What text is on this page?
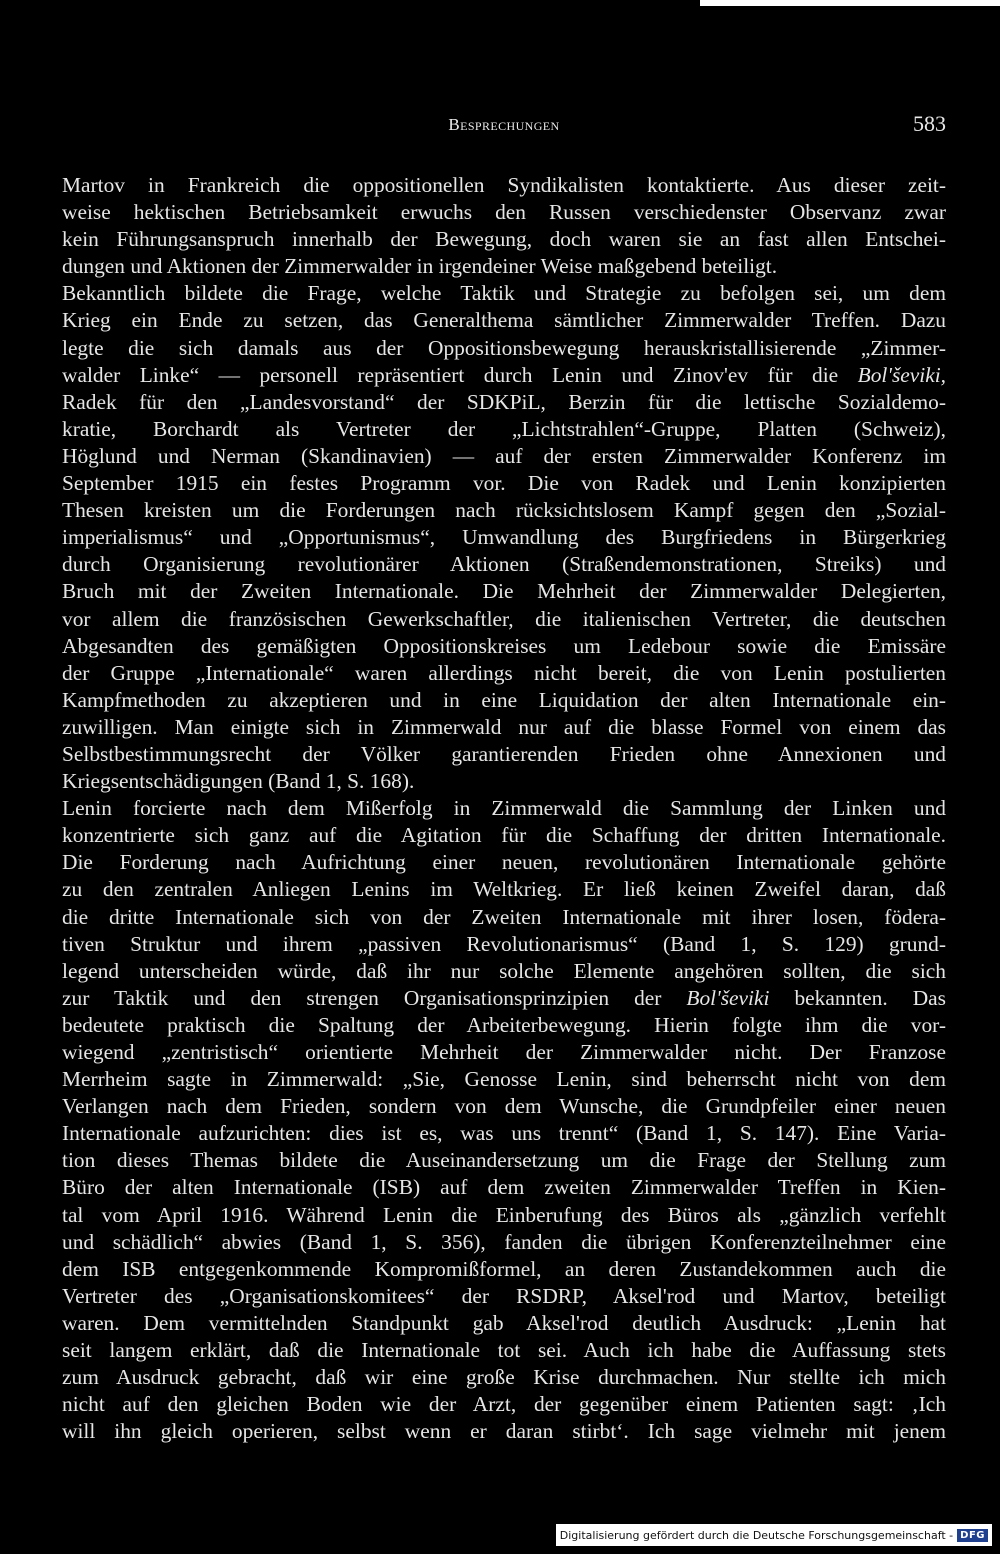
Besprechungen	583
Martov in Frankreich die oppositionellen Syndikalisten kontaktierte. Aus dieser zeit-
weise hektischen Betriebsamkeit erwuchs den Russen verschiedenster Observanz zwar
kein Führungsanspruch innerhalb der Bewegung, doch waren sie an fast allen Entschei-
dungen und Aktionen der Zimmerwalder in irgendeiner Weise maßgebend beteiligt.
Bekanntlich bildete die Frage, welche Taktik und Strategie zu befolgen sei, um dem
Krieg ein Ende zu setzen, das Generalthema sämtlicher Zimmerwalder Treffen. Dazu
legte die sich damals aus der Oppositionsbewegung herauskristallisierende „Zimmer-
walder Linke“ — personell repräsentiert durch Lenin und Zinov'ev für die Bol'ševiki,
Radek für den „Landesvorstand“ der SDKPiL, Berzin für die lettische Sozialdemo-
kratie, Borchardt als Vertreter der „Lichtstrahlen“-Gruppe, Platten (Schweiz),
Höglund und Nerman (Skandinavien) — auf der ersten Zimmerwalder Konferenz im
September 1915 ein festes Programm vor. Die von Radek und Lenin konzipierten
Thesen kreisten um die Forderungen nach rücksichtslosem Kampf gegen den „Sozial-
imperialismus“ und „Opportunismus“, Umwandlung des Burgfriedens in Bürgerkrieg
durch Organisierung revolutionärer Aktionen (Straßendemonstrationen, Streiks) und
Bruch mit der Zweiten Internationale. Die Mehrheit der Zimmerwalder Delegierten,
vor allem die französischen Gewerkschaftler, die italienischen Vertreter, die deutschen
Abgesandten des gemäßigten Oppositionskreises um Ledebour sowie die Emissäre
der Gruppe „Internationale“ waren allerdings nicht bereit, die von Lenin postulierten
Kampfmethoden zu akzeptieren und in eine Liquidation der alten Internationale ein-
zuwilligen. Man einigte sich in Zimmerwald nur auf die blasse Formel von einem das
Selbstbestimmungsrecht der Völker garantierenden Frieden ohne Annexionen und
Kriegsentschädigungen (Band 1, S. 168).
Lenin forcierte nach dem Mißerfolg in Zimmerwald die Sammlung der Linken und
konzentrierte sich ganz auf die Agitation für die Schaffung der dritten Internationale.
Die Forderung nach Aufrichtung einer neuen, revolutionären Internationale gehörte
zu den zentralen Anliegen Lenins im Weltkrieg. Er ließ keinen Zweifel daran, daß
die dritte Internationale sich von der Zweiten Internationale mit ihrer losen, födera-
tiven Struktur und ihrem „passiven Revolutionarismus“ (Band 1, S. 129) grund-
legend unterscheiden würde, daß ihr nur solche Elemente angehören sollten, die sich
zur Taktik und den strengen Organisationsprinzipien der Bol'ševiki bekannten. Das
bedeutete praktisch die Spaltung der Arbeiterbewegung. Hierin folgte ihm die vor-
wiegend „zentristisch“ orientierte Mehrheit der Zimmerwalder nicht. Der Franzose
Merrheim sagte in Zimmerwald: „Sie, Genosse Lenin, sind beherrscht nicht von dem
Verlangen nach dem Frieden, sondern von dem Wunsche, die Grundpfeiler einer neuen
Internationale aufzurichten: dies ist es, was uns trennt“ (Band 1, S. 147). Eine Varia-
tion dieses Themas bildete die Auseinandersetzung um die Frage der Stellung zum
Büro der alten Internationale (ISB) auf dem zweiten Zimmerwalder Treffen in Kien-
tal vom April 1916. Während Lenin die Einberufung des Büros als „gänzlich verfehlt
und schädlich“ abwies (Band 1, S. 356), fanden die übrigen Konferenzteilnehmer eine
dem ISB entgegenkommende Kompromißformel, an deren Zustandekommen auch die
Vertreter des „Organisationskomitees“ der RSDRP, Aksel'rod und Martov, beteiligt
waren. Dem vermittelnden Standpunkt gab Aksel'rod deutlich Ausdruck: „Lenin hat
seit langem erklärt, daß die Internationale tot sei. Auch ich habe die Auffassung stets
zum Ausdruck gebracht, daß wir eine große Krise durchmachen. Nur stellte ich mich
nicht auf den gleichen Boden wie der Arzt, der gegenüber einem Patienten sagt: ‚Ich
will ihn gleich operieren, selbst wenn er daran stirbt‘. Ich sage vielmehr mit jenem
Digitalisierung gefördert durch die Deutsche Forschungsgemeinschaft - DFG
